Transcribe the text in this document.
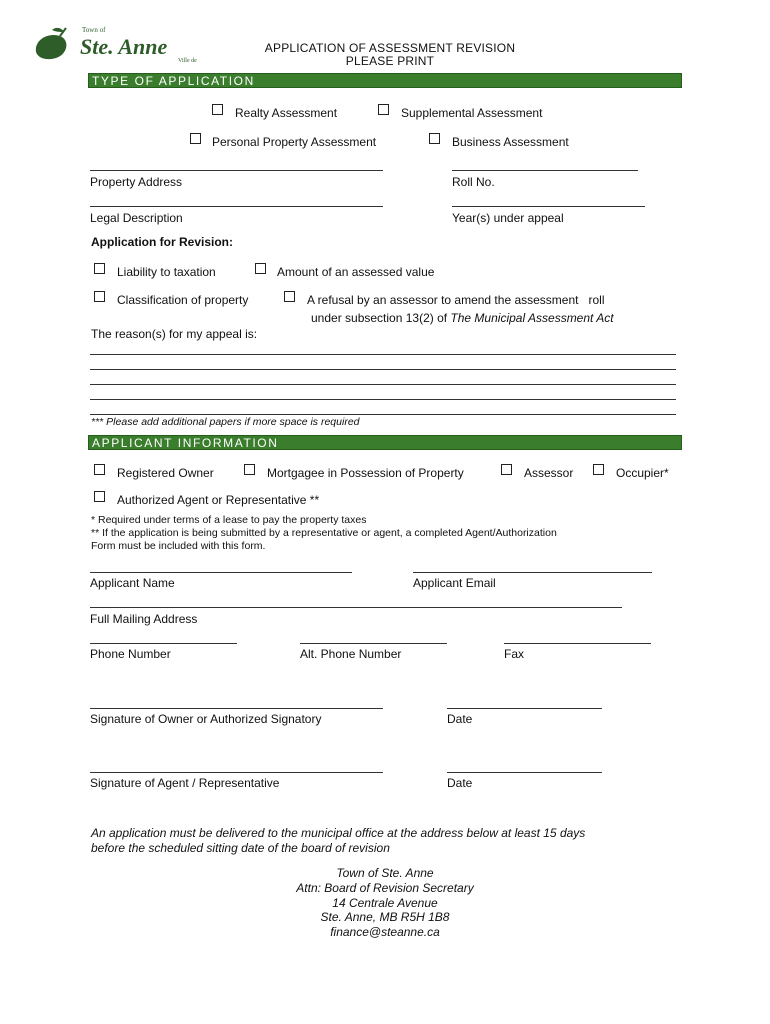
Town of
Ste. Anne
Ville de
APPLICATION OF ASSESSMENT REVISION
PLEASE PRINT
TYPE OF APPLICATION
Realty Assessment	Supplemental Assessment
Personal Property Assessment	Business Assessment
Property Address	Roll No.
Legal Description	Year(s) under appeal
Application for Revision:
Liability to taxation	Amount of an assessed value
Classification of property	A refusal by an assessor to amend the assessment   roll
under subsection 13(2) of The Municipal Assessment Act
The reason(s) for my appeal is:
*** Please add additional papers if more space is required
APPLICANT INFORMATION
Registered Owner	Mortgagee in Possession of Property	Assessor	Occupier*
Authorized Agent or Representative **
* Required under terms of a lease to pay the property taxes
** If the application is being submitted by a representative or agent, a completed Agent/Authorization
Form must be included with this form.
Applicant Name	Applicant Email
Full Mailing Address
Phone Number	Alt. Phone Number	Fax
Signature of Owner or Authorized Signatory	Date
Signature of Agent / Representative	Date
An application must be delivered to the municipal office at the address below at least 15 days
before the scheduled sitting date of the board of revision
Town of Ste. Anne
Attn: Board of Revision Secretary
14 Centrale Avenue
Ste. Anne, MB R5H 1B8
finance@steanne.ca
